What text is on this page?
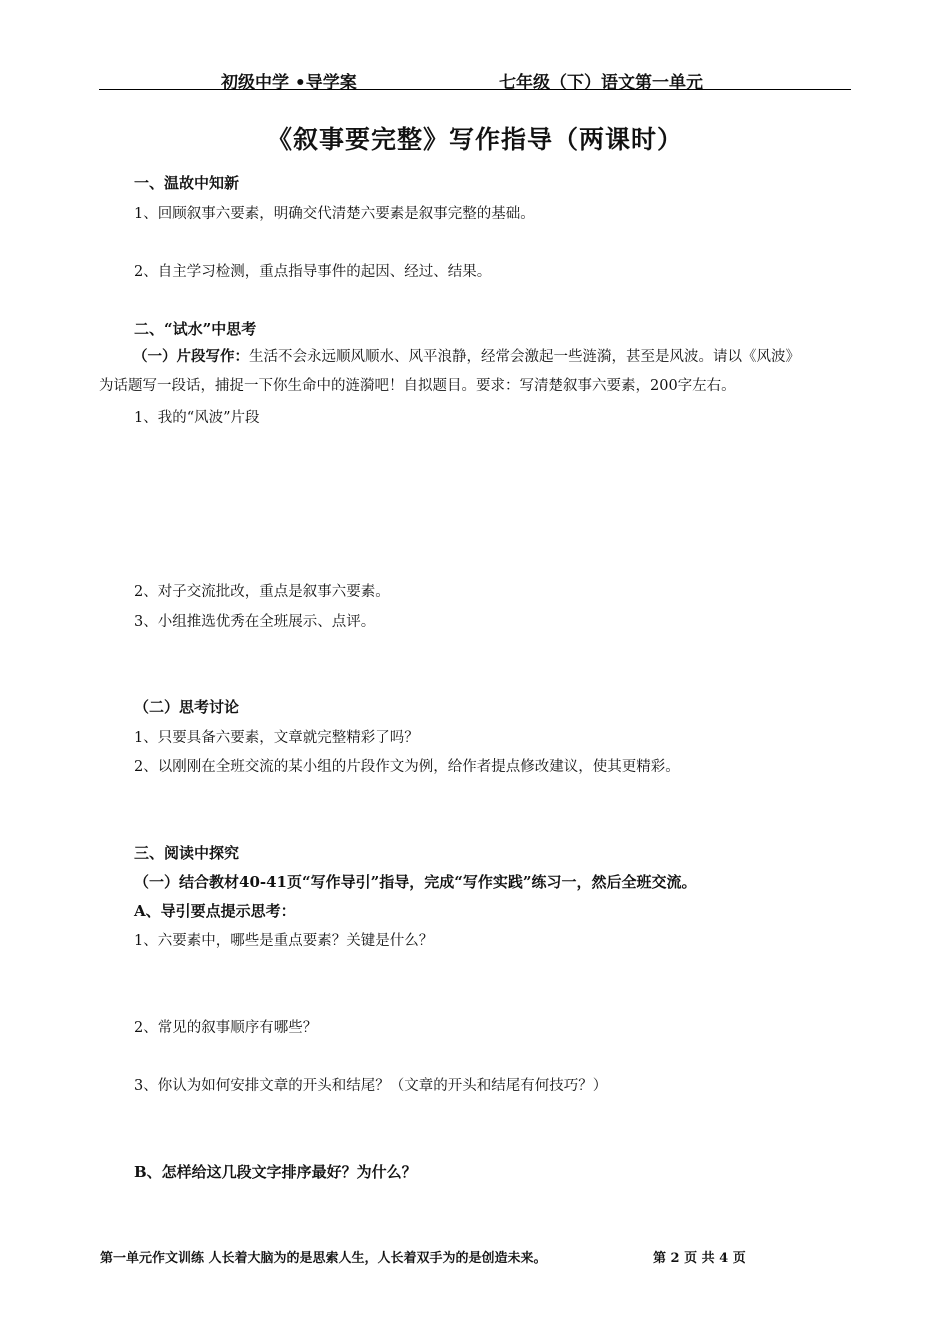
初级中学 •导学案	七年级（下）语文第一单元
《叙事要完整》写作指导（两课时）
一、温故中知新
1、回顾叙事六要素，明确交代清楚六要素是叙事完整的基础。
2、自主学习检测，重点指导事件的起因、经过、结果。
二、“试水”中思考
（一）片段写作：生活不会永远顺风顺水、风平浪静，经常会激起一些涟漪，甚至是风波。请以《风波》
为话题写一段话，捕捉一下你生命中的涟漪吧！自拟题目。要求：写清楚叙事六要素，200字左右。
1、我的“风波”片段
2、对子交流批改，重点是叙事六要素。
3、小组推选优秀在全班展示、点评。
（二）思考讨论
1、只要具备六要素，文章就完整精彩了吗？
2、以刚刚在全班交流的某小组的片段作文为例，给作者提点修改建议，使其更精彩。
三、阅读中探究
（一）结合教材40-41页“写作导引”指导，完成“写作实践”练习一，然后全班交流。
A、导引要点提示思考：
1、六要素中，哪些是重点要素？关键是什么？
2、常见的叙事顺序有哪些？
3、你认为如何安排文章的开头和结尾？（文章的开头和结尾有何技巧？）
B、怎样给这几段文字排序最好？为什么？
第一单元作文训练 人长着大脑为的是思索人生，人长着双手为的是创造未来。	第 2 页 共 4 页
